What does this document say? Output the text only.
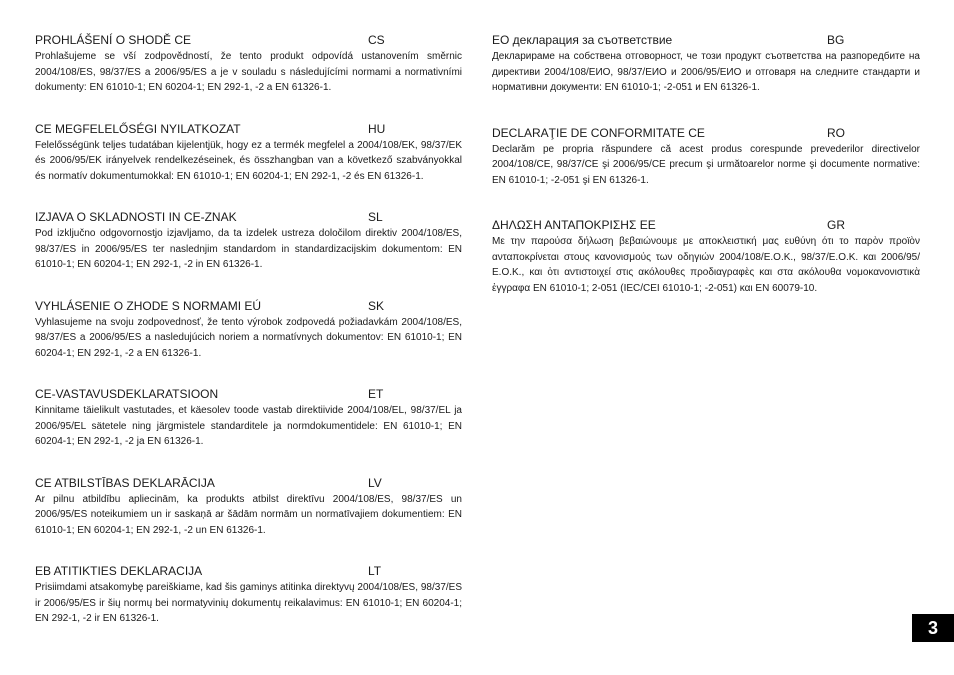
PROHLÁŠENÍ O SHODĚ CE	CS

Prohlašujeme se vší zodpovědností, že tento produkt odpovídá ustanovením směrnic 2004/108/ES, 98/37/ES a 2006/95/ES a je v souladu s následujícími normami a normativními dokumenty: EN 61010-1; EN 60204-1; EN 292-1, -2 a EN 61326-1.

CE MEGFELELŐSÉGI NYILATKOZAT	HU

Felelősségünk teljes tudatában kijelentjük, hogy ez a termék megfelel a 2004/108/EK, 98/37/EK és 2006/95/EK irányelvek rendelkezéseinek, és összhangban van a következő szabványokkal és normatív dokumentumokkal: EN 61010-1; EN 60204-1; EN 292-1, -2 és EN 61326-1.

IZJAVA O SKLADNOSTI IN CE-ZNAK	SL

Pod izključno odgovornostjo izjavljamo, da ta izdelek ustreza določilom direktiv 2004/108/ES, 98/37/ES in 2006/95/ES ter naslednjim standardom in standardizacijskim dokumentom: EN 61010-1; EN 60204-1; EN 292-1, -2 in EN 61326-1.

VYHLÁSENIE O ZHODE S NORMAMI EÚ	SK

Vyhlasujeme na svoju zodpovednosť, že tento výrobok zodpovedá požiadavkám 2004/108/ES, 98/37/ES a 2006/95/ES a nasledujúcich noriem a normatívnych dokumentov: EN 61010-1; EN 60204-1; EN 292-1, -2 a EN 61326-1.

CE-VASTAVUSDEKLARATSIOON	ET

Kinnitame täielikult vastutades, et käesolev toode vastab direktiivide 2004/108/EL, 98/37/EL ja 2006/95/EL sätetele ning järgmistele standarditele ja normdokumentidele: EN 61010-1; EN 60204-1; EN 292-1, -2 ja EN 61326-1.

CE ATBILSTĪBAS DEKLARĀCIJA	LV

Ar pilnu atbildību apliecinām, ka produkts atbilst direktīvu 2004/108/ES, 98/37/ES un 2006/95/ES noteikumiem un ir saskaņā ar šādām normām un normatīvajiem dokumentiem: EN 61010-1; EN 60204-1; EN 292-1, -2 un EN 61326-1.

EB ATITIKTIES DEKLARACIJA	LT

Prisiimdami atsakomybę pareiškiame, kad šis gaminys atitinka direktyvų 2004/108/ES, 98/37/ES ir 2006/95/ES ir šių normų bei normatyvinių dokumentų reikalavimus: EN 61010-1; EN 60204-1; EN 292-1, -2 ir EN 61326-1.

ЕО декларация за съответствие	BG

Декларираме на собствена отговорност, че този продукт съответства на разпоредбите на директиви 2004/108/ЕИО, 98/37/ЕИО и 2006/95/ЕИО и отговаря на следните стандарти и нормативни документи: EN 61010-1; -2-051 и EN 61326-1.

DECLARAŢIE DE CONFORMITATE CE	RO

Declarăm pe propria răspundere că acest produs corespunde prevederilor directivelor 2004/108/CE, 98/37/CE şi 2006/95/CE precum şi următoarelor norme şi documente normative: EN 61010-1; -2-051 şi EN 61326-1.

ΔΗΛΩΣΗ ΑΝΤΑΠΟΚΡΙΣΗΣ ΕΕ	GR

Με την παρούσα δήλωση βεβαιώνουμε με αποκλειστική μας ευθύνη ότι το παρὸν προϊὸν ανταποκρίνεται στους κανονισμούς των οδηγιών 2004/108/Ε.Ο.Κ., 98/37/Ε.Ο.Κ. και 2006/95/Ε.Ο.Κ., και ὁτι αντιστοιχεί στις ακόλουθες προδιαγραφὲς και στα ακόλουθα νομοκανονιστικὰ ἐγγραφα EN 61010-1; 2-051 (IEC/CEI 61010-1; -2-051) και EN 60079-10.

3
